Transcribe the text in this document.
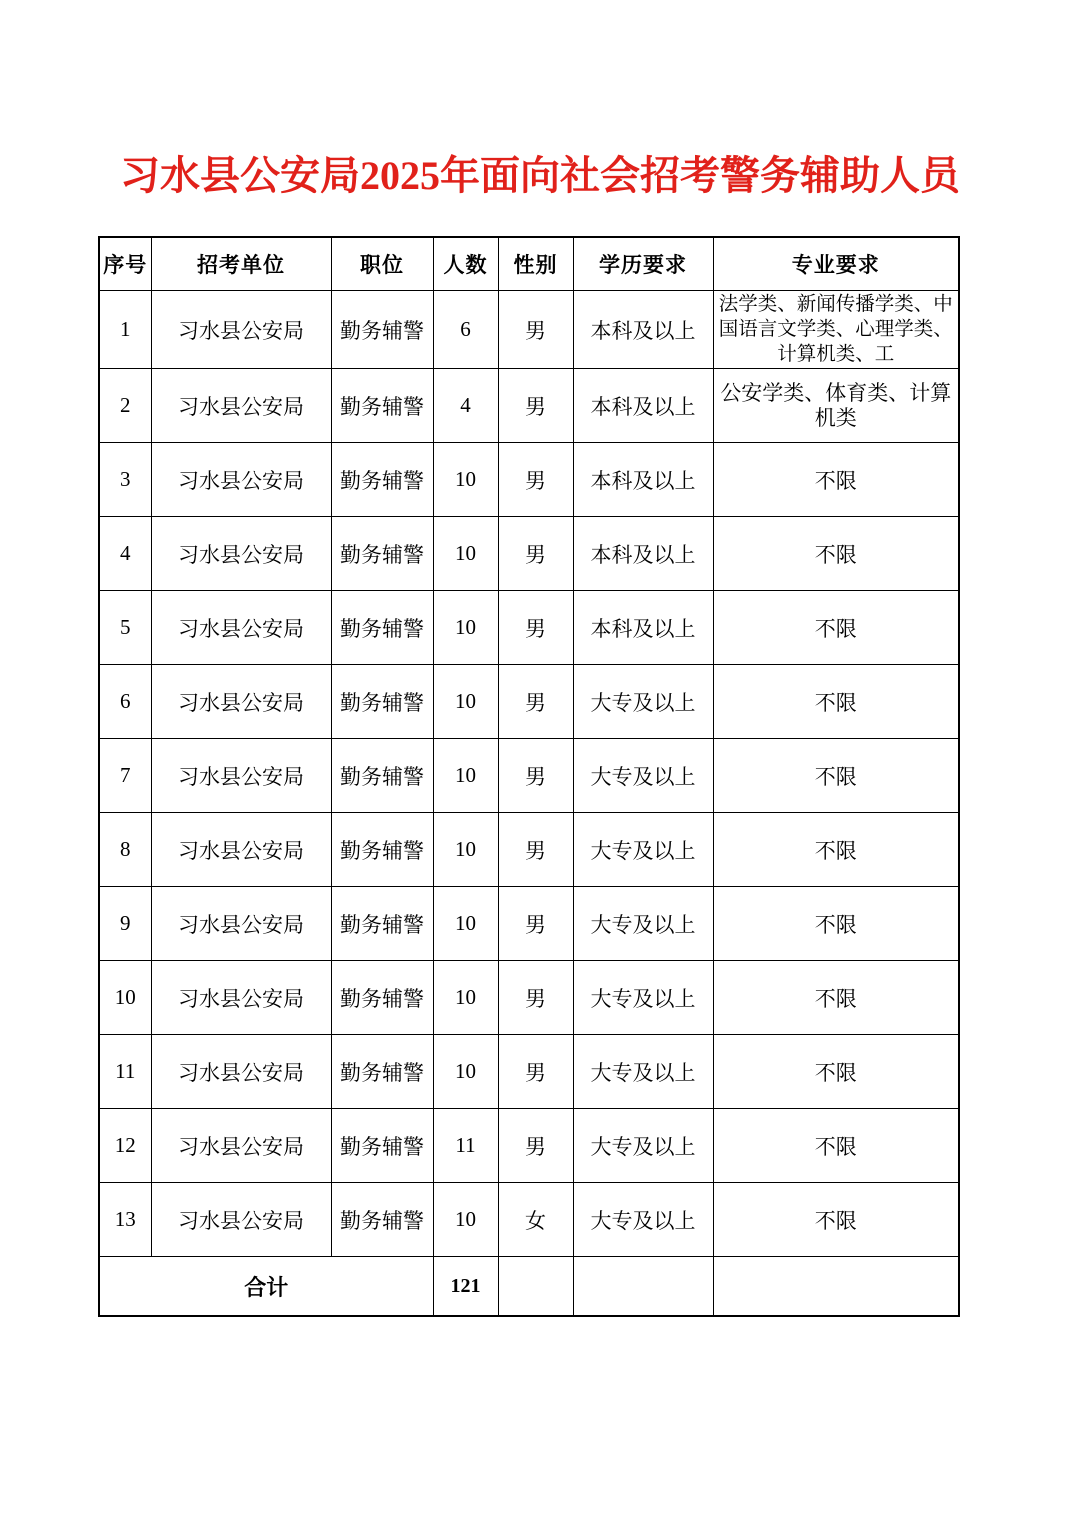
习水县公安局2025年面向社会招考警务辅助人员
序号	招考单位	职位	人数	性别	学历要求	专业要求
1	习水县公安局	勤务辅警	6	男	本科及以上	法学类、新闻传播学类、中国语言文学类、心理学类、计算机类、工

2	习水县公安局	勤务辅警	4	男	本科及以上	公安学类、体育类、计算机类
3	习水县公安局	勤务辅警	10	男	本科及以上	不限
4	习水县公安局	勤务辅警	10	男	本科及以上	不限
5	习水县公安局	勤务辅警	10	男	本科及以上	不限
6	习水县公安局	勤务辅警	10	男	大专及以上	不限
7	习水县公安局	勤务辅警	10	男	大专及以上	不限
8	习水县公安局	勤务辅警	10	男	大专及以上	不限
9	习水县公安局	勤务辅警	10	男	大专及以上	不限
10	习水县公安局	勤务辅警	10	男	大专及以上	不限
11	习水县公安局	勤务辅警	10	男	大专及以上	不限
12	习水县公安局	勤务辅警	11	男	大专及以上	不限
13	习水县公安局	勤务辅警	10	女	大专及以上	不限
合计			121			
